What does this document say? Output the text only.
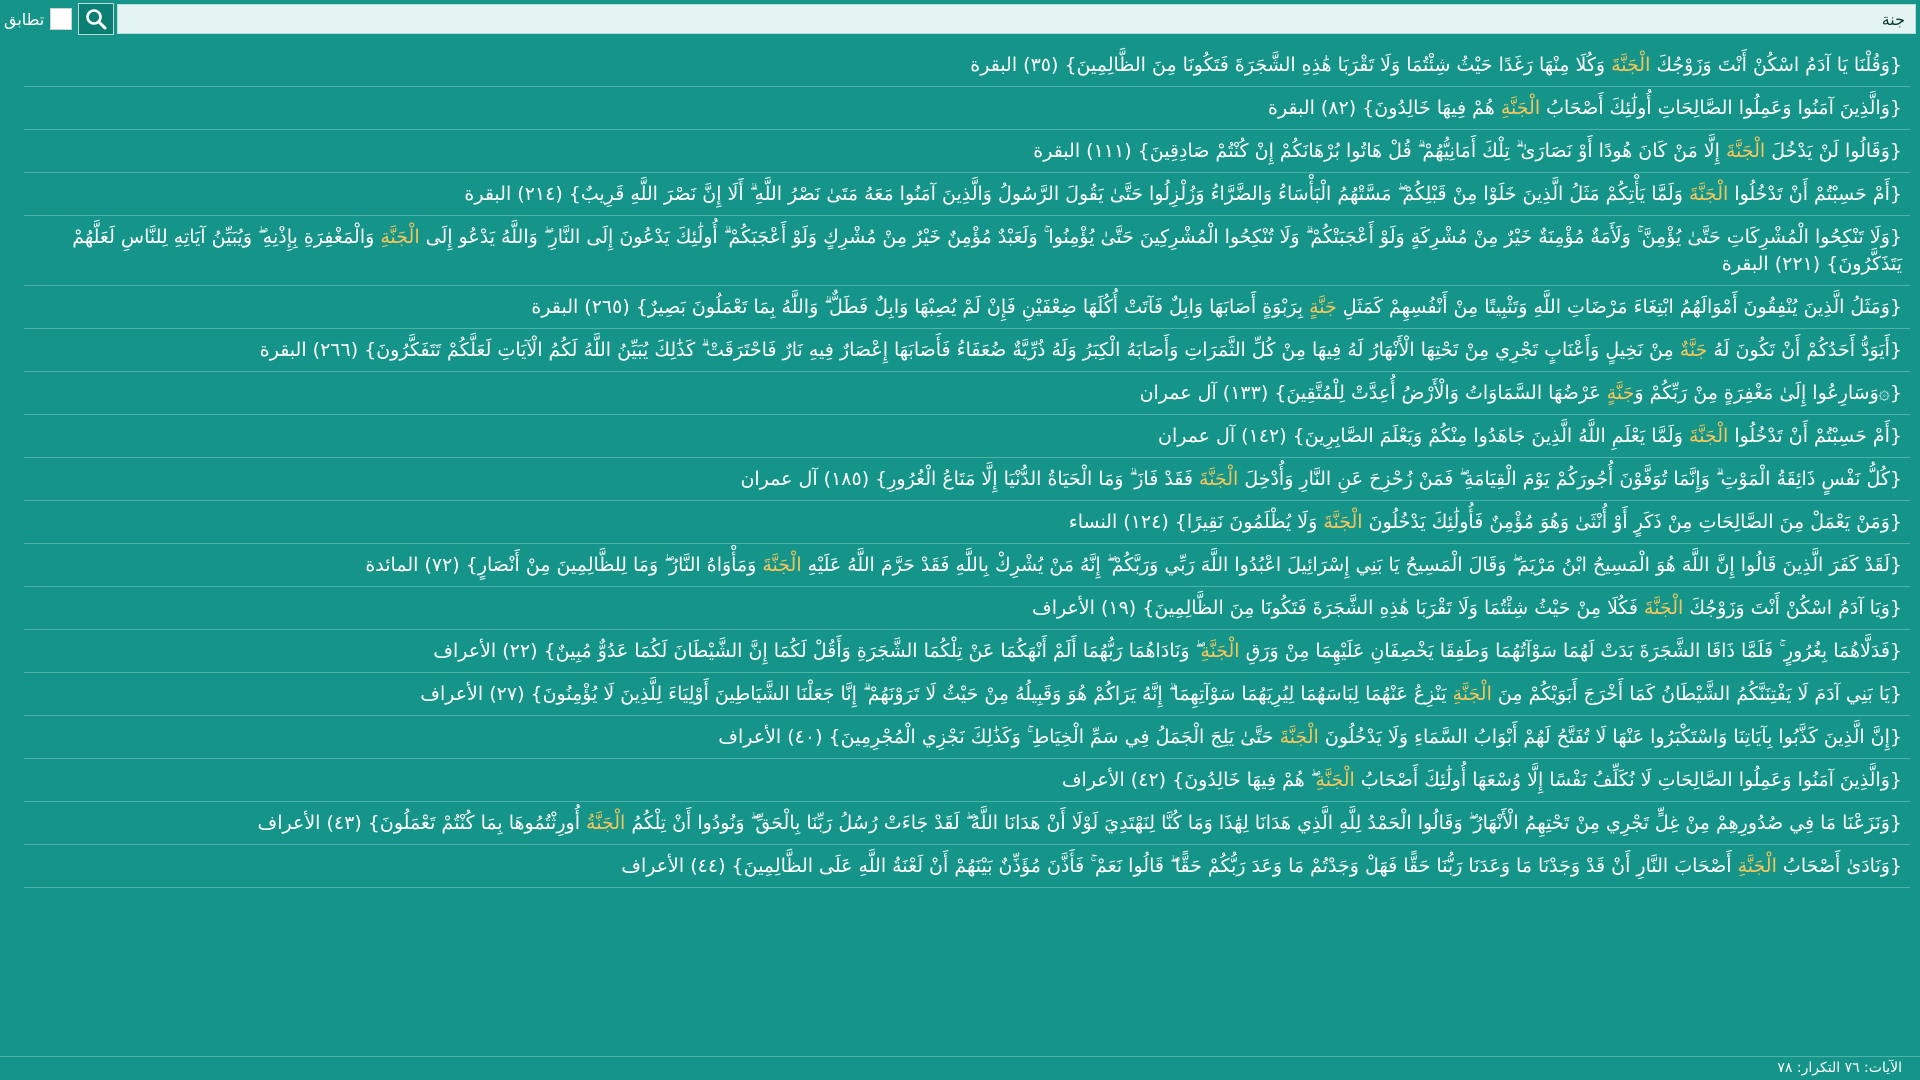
تطابق
جنة
{وَقُلْنَا يَا آدَمُ اسْكُنْ أَنْتَ وَزَوْجُكَ الْجَنَّةَ وَكُلَا مِنْهَا رَغَدًا حَيْثُ شِئْتُمَا وَلَا تَقْرَبَا هَٰذِهِ الشَّجَرَةَ فَتَكُونَا مِنَ الظَّالِمِينَ} (٣٥) البقرة
{وَالَّذِينَ آمَنُوا وَعَمِلُوا الصَّالِحَاتِ أُولَٰئِكَ أَصْحَابُ الْجَنَّةِ هُمْ فِيهَا خَالِدُونَ} (٨٢) البقرة
{وَقَالُوا لَنْ يَدْخُلَ الْجَنَّةَ إِلَّا مَنْ كَانَ هُودًا أَوْ نَصَارَىٰ ۗ تِلْكَ أَمَانِيُّهُمْ ۗ قُلْ هَاتُوا بُرْهَانَكُمْ إِنْ كُنْتُمْ صَادِقِينَ} (١١١) البقرة
{أَمْ حَسِبْتُمْ أَنْ تَدْخُلُوا الْجَنَّةَ وَلَمَّا يَأْتِكُمْ مَثَلُ الَّذِينَ خَلَوْا مِنْ قَبْلِكُمْ ۖ مَسَّتْهُمُ الْبَأْسَاءُ وَالضَّرَّاءُ وَزُلْزِلُوا حَتَّىٰ يَقُولَ الرَّسُولُ وَالَّذِينَ آمَنُوا مَعَهُ مَتَىٰ نَصْرُ اللَّهِ ۗ أَلَا إِنَّ نَصْرَ اللَّهِ قَرِيبٌ} (٢١٤) البقرة
{وَلَا تَنْكِحُوا الْمُشْرِكَاتِ حَتَّىٰ يُؤْمِنَّ ۚ وَلَأَمَةٌ مُؤْمِنَةٌ خَيْرٌ مِنْ مُشْرِكَةٍ وَلَوْ أَعْجَبَتْكُمْ ۗ وَلَا تُنْكِحُوا الْمُشْرِكِينَ حَتَّىٰ يُؤْمِنُوا ۚ وَلَعَبْدٌ مُؤْمِنٌ خَيْرٌ مِنْ مُشْرِكٍ وَلَوْ أَعْجَبَكُمْ ۗ أُولَٰئِكَ يَدْعُونَ إِلَى النَّارِ ۖ وَاللَّهُ يَدْعُو إِلَى الْجَنَّةِ وَالْمَغْفِرَةِ بِإِذْنِهِ ۖ وَيُبَيِّنُ آيَاتِهِ لِلنَّاسِ لَعَلَّهُمْ يَتَذَكَّرُونَ} (٢٢١) البقرة
{وَمَثَلُ الَّذِينَ يُنْفِقُونَ أَمْوَالَهُمُ ابْتِغَاءَ مَرْضَاتِ اللَّهِ وَتَثْبِيتًا مِنْ أَنْفُسِهِمْ كَمَثَلِ جَنَّةٍ بِرَبْوَةٍ أَصَابَهَا وَابِلٌ فَآتَتْ أُكُلَهَا ضِعْفَيْنِ فَإِنْ لَمْ يُصِبْهَا وَابِلٌ فَطَلٌّ ۗ وَاللَّهُ بِمَا تَعْمَلُونَ بَصِيرٌ} (٢٦٥) البقرة
{أَيَوَدُّ أَحَدُكُمْ أَنْ تَكُونَ لَهُ جَنَّةٌ مِنْ نَخِيلٍ وَأَعْنَابٍ تَجْرِي مِنْ تَحْتِهَا الْأَنْهَارُ لَهُ فِيهَا مِنْ كُلِّ الثَّمَرَاتِ وَأَصَابَهُ الْكِبَرُ وَلَهُ ذُرِّيَّةٌ ضُعَفَاءُ فَأَصَابَهَا إِعْصَارٌ فِيهِ نَارٌ فَاحْتَرَقَتْ ۗ كَذَٰلِكَ يُبَيِّنُ اللَّهُ لَكُمُ الْآيَاتِ لَعَلَّكُمْ تَتَفَكَّرُونَ} (٢٦٦) البقرة
{۞وَسَارِعُوا إِلَىٰ مَغْفِرَةٍ مِنْ رَبِّكُمْ وَجَنَّةٍ عَرْضُهَا السَّمَاوَاتُ وَالْأَرْضُ أُعِدَّتْ لِلْمُتَّقِينَ} (١٣٣) آل عمران
{أَمْ حَسِبْتُمْ أَنْ تَدْخُلُوا الْجَنَّةَ وَلَمَّا يَعْلَمِ اللَّهُ الَّذِينَ جَاهَدُوا مِنْكُمْ وَيَعْلَمَ الصَّابِرِينَ} (١٤٢) آل عمران
{كُلُّ نَفْسٍ ذَائِقَةُ الْمَوْتِ ۗ وَإِنَّمَا تُوَفَّوْنَ أُجُورَكُمْ يَوْمَ الْقِيَامَةِ ۖ فَمَنْ زُحْزِحَ عَنِ النَّارِ وَأُدْخِلَ الْجَنَّةَ فَقَدْ فَازَ ۗ وَمَا الْحَيَاةُ الدُّنْيَا إِلَّا مَتَاعُ الْغُرُورِ} (١٨٥) آل عمران
{وَمَنْ يَعْمَلْ مِنَ الصَّالِحَاتِ مِنْ ذَكَرٍ أَوْ أُنْثَىٰ وَهُوَ مُؤْمِنٌ فَأُولَٰئِكَ يَدْخُلُونَ الْجَنَّةَ وَلَا يُظْلَمُونَ نَقِيرًا} (١٢٤) النساء
{لَقَدْ كَفَرَ الَّذِينَ قَالُوا إِنَّ اللَّهَ هُوَ الْمَسِيحُ ابْنُ مَرْيَمَ ۖ وَقَالَ الْمَسِيحُ يَا بَنِي إِسْرَائِيلَ اعْبُدُوا اللَّهَ رَبِّي وَرَبَّكُمْ ۖ إِنَّهُ مَنْ يُشْرِكْ بِاللَّهِ فَقَدْ حَرَّمَ اللَّهُ عَلَيْهِ الْجَنَّةَ وَمَأْوَاهُ النَّارُ ۖ وَمَا لِلظَّالِمِينَ مِنْ أَنْصَارٍ} (٧٢) المائدة
{وَيَا آدَمُ اسْكُنْ أَنْتَ وَزَوْجُكَ الْجَنَّةَ فَكُلَا مِنْ حَيْثُ شِئْتُمَا وَلَا تَقْرَبَا هَٰذِهِ الشَّجَرَةَ فَتَكُونَا مِنَ الظَّالِمِينَ} (١٩) الأعراف
{فَدَلَّاهُمَا بِغُرُورٍ ۚ فَلَمَّا ذَاقَا الشَّجَرَةَ بَدَتْ لَهُمَا سَوْآتُهُمَا وَطَفِقَا يَخْصِفَانِ عَلَيْهِمَا مِنْ وَرَقِ الْجَنَّةِ ۖ وَنَادَاهُمَا رَبُّهُمَا أَلَمْ أَنْهَكُمَا عَنْ تِلْكُمَا الشَّجَرَةِ وَأَقُلْ لَكُمَا إِنَّ الشَّيْطَانَ لَكُمَا عَدُوٌّ مُبِينٌ} (٢٢) الأعراف
{يَا بَنِي آدَمَ لَا يَفْتِنَنَّكُمُ الشَّيْطَانُ كَمَا أَخْرَجَ أَبَوَيْكُمْ مِنَ الْجَنَّةِ يَنْزِعُ عَنْهُمَا لِبَاسَهُمَا لِيُرِيَهُمَا سَوْآتِهِمَا ۗ إِنَّهُ يَرَاكُمْ هُوَ وَقَبِيلُهُ مِنْ حَيْثُ لَا تَرَوْنَهُمْ ۗ إِنَّا جَعَلْنَا الشَّيَاطِينَ أَوْلِيَاءَ لِلَّذِينَ لَا يُؤْمِنُونَ} (٢٧) الأعراف
{إِنَّ الَّذِينَ كَذَّبُوا بِآيَاتِنَا وَاسْتَكْبَرُوا عَنْهَا لَا تُفَتَّحُ لَهُمْ أَبْوَابُ السَّمَاءِ وَلَا يَدْخُلُونَ الْجَنَّةَ حَتَّىٰ يَلِجَ الْجَمَلُ فِي سَمِّ الْخِيَاطِ ۚ وَكَذَٰلِكَ نَجْزِي الْمُجْرِمِينَ} (٤٠) الأعراف
{وَالَّذِينَ آمَنُوا وَعَمِلُوا الصَّالِحَاتِ لَا نُكَلِّفُ نَفْسًا إِلَّا وُسْعَهَا أُولَٰئِكَ أَصْحَابُ الْجَنَّةِ ۖ هُمْ فِيهَا خَالِدُونَ} (٤٢) الأعراف
{وَنَزَعْنَا مَا فِي صُدُورِهِمْ مِنْ غِلٍّ تَجْرِي مِنْ تَحْتِهِمُ الْأَنْهَارُ ۖ وَقَالُوا الْحَمْدُ لِلَّهِ الَّذِي هَدَانَا لِهَٰذَا وَمَا كُنَّا لِنَهْتَدِيَ لَوْلَا أَنْ هَدَانَا اللَّهُ ۖ لَقَدْ جَاءَتْ رُسُلُ رَبِّنَا بِالْحَقِّ ۖ وَنُودُوا أَنْ تِلْكُمُ الْجَنَّةُ أُورِثْتُمُوهَا بِمَا كُنْتُمْ تَعْمَلُونَ} (٤٣) الأعراف
{وَنَادَىٰ أَصْحَابُ الْجَنَّةِ أَصْحَابَ النَّارِ أَنْ قَدْ وَجَدْنَا مَا وَعَدَنَا رَبُّنَا حَقًّا فَهَلْ وَجَدْتُمْ مَا وَعَدَ رَبُّكُمْ حَقًّا ۖ قَالُوا نَعَمْ ۚ فَأَذَّنَ مُؤَذِّنٌ بَيْنَهُمْ أَنْ لَعْنَةُ اللَّهِ عَلَى الظَّالِمِينَ} (٤٤) الأعراف
الآيات: ٧٦ التكرار: ٧٨
